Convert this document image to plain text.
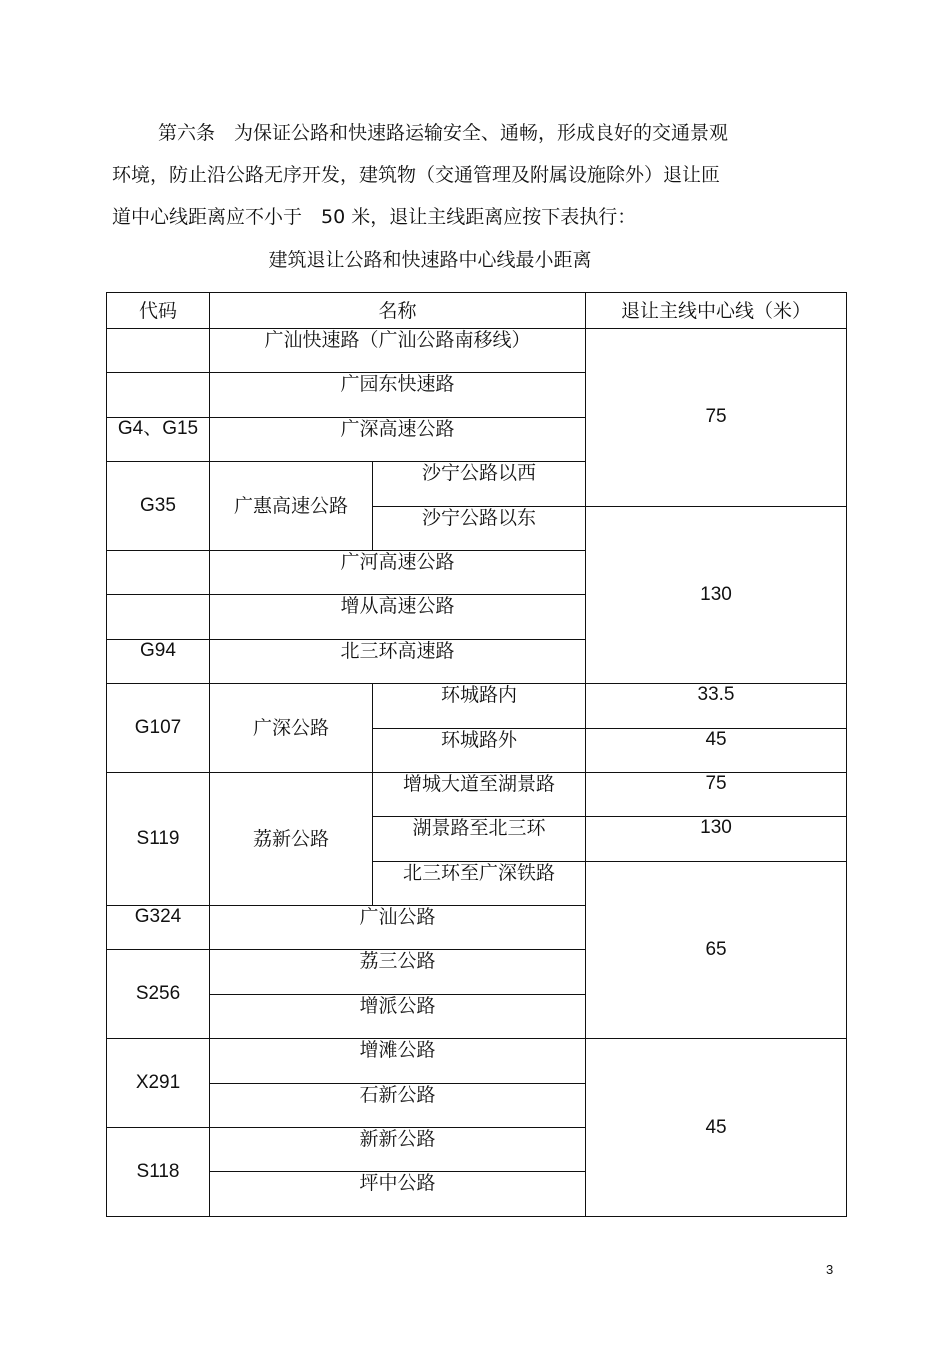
第六条　为保证公路和快速路运输安全、通畅，形成良好的交通景观
环境，防止沿公路无序开发，建筑物（交通管理及附属设施除外）退让匝
道中心线距离应不小于　50 米，退让主线距离应按下表执行：

建筑退让公路和快速路中心线最小距离

代码	名称		退让主线中心线（米）
	广汕快速路（广汕公路南移线）		75
	广园东快速路		
G4、G15	广深高速公路		
G35	广惠高速公路	沙宁公路以西	
		沙宁公路以东	130
	广河高速公路		
	增从高速公路		
G94	北三环高速路		
G107	广深公路	环城路内	33.5
		环城路外	45
S119	荔新公路	增城大道至湖景路	75
		湖景路至北三环	130
		北三环至广深铁路	65
G324	广汕公路		
S256	荔三公路		
	增派公路		
X291	增滩公路		45
	石新公路		
S118	新新公路		
	坪中公路		
3
